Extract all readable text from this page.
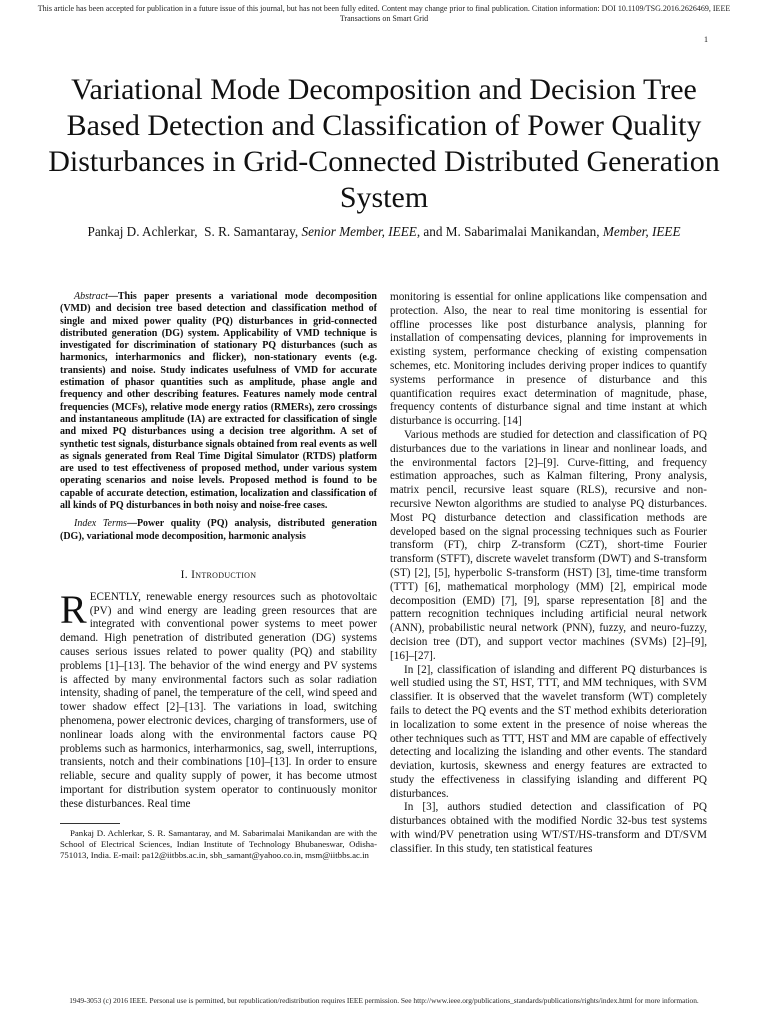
This article has been accepted for publication in a future issue of this journal, but has not been fully edited. Content may change prior to final publication. Citation information: DOI 10.1109/TSG.2016.2626469, IEEE
Transactions on Smart Grid
1
Variational Mode Decomposition and Decision Tree Based Detection and Classification of Power Quality Disturbances in Grid-Connected Distributed Generation System
Pankaj D. Achlerkar, S. R. Samantaray, Senior Member, IEEE, and M. Sabarimalai Manikandan, Member, IEEE

Abstract—This paper presents a variational mode decomposition (VMD) and decision tree based detection and classification method of single and mixed power quality (PQ) disturbances in grid-connected distributed generation (DG) system. Applicability of VMD technique is investigated for discrimination of stationary PQ disturbances (such as harmonics, interharmonics and flicker), non-stationary events (e.g. transients) and noise. Study indicates usefulness of VMD for accurate estimation of phasor quantities such as amplitude, phase angle and frequency and other describing features. Features namely mode central frequencies (MCFs), relative mode energy ratios (RMERs), zero crossings and instantaneous amplitude (IA) are extracted for classification of single and mixed PQ disturbances using a decision tree algorithm. A set of synthetic test signals, disturbance signals obtained from real events as well as signals generated from Real Time Digital Simulator (RTDS) platform are used to test effectiveness of proposed method, under various system operating scenarios and noise levels. Proposed method is found to be capable of accurate detection, estimation, localization and classification of all kinds of PQ disturbances in both noisy and noise-free cases.

Index Terms—Power quality (PQ) analysis, distributed generation (DG), variational mode decomposition, harmonic analysis

I. Introduction

RECENTLY, renewable energy resources such as photovoltaic (PV) and wind energy are leading green resources that are integrated with conventional power systems to meet power demand. High penetration of distributed generation (DG) systems causes serious issues related to power quality (PQ) and stability problems [1]–[13]. The behavior of the wind energy and PV systems is affected by many environmental factors such as solar radiation intensity, shading of panel, the temperature of the cell, wind speed and tower shadow effect [2]–[13]. The variations in load, switching phenomena, power electronic devices, charging of transformers, use of nonlinear loads along with the environmental factors cause PQ problems such as harmonics, interharmonics, sag, swell, interruptions, transients, notch and their combinations [10]–[13]. In order to ensure reliable, secure and quality supply of power, it has become utmost important for distribution system operator to continuously monitor these disturbances. Real time

Pankaj D. Achlerkar, S. R. Samantaray, and M. Sabarimalai Manikandan are with the School of Electrical Sciences, Indian Institute of Technology Bhubaneswar, Odisha-751013, India. E-mail: pa12@iitbbs.ac.in, sbh_samant@yahoo.co.in, msm@iitbbs.ac.in

monitoring is essential for online applications like compensation and protection. Also, the near to real time monitoring is essential for offline processes like post disturbance analysis, planning for installation of compensating devices, planning for improvements in existing system, performance checking of existing compensation schemes, etc. Monitoring includes deriving proper indices to quantify systems performance in presence of disturbance and this quantification requires exact determination of magnitude, phase, frequency contents of disturbance signal and time instant at which disturbance is occurring. [14]

Various methods are studied for detection and classification of PQ disturbances due to the variations in linear and nonlinear loads, and the environmental factors [2]–[9]. Curve-fitting, and frequency estimation approaches, such as Kalman filtering, Prony analysis, matrix pencil, recursive least square (RLS), recursive and non-recursive Newton algorithms are studied to analyse PQ disturbances. Most PQ disturbance detection and classification methods are developed based on the signal processing techniques such as Fourier transform (FT), chirp Z-transform (CZT), short-time Fourier transform (STFT), discrete wavelet transform (DWT) and S-transform (ST) [2], [5], hyperbolic S-transform (HST) [3], time-time transform (TTT) [6], mathematical morphology (MM) [2], empirical mode decomposition (EMD) [7], [9], sparse representation [8] and the pattern recognition techniques including artificial neural network (ANN), probabilistic neural network (PNN), fuzzy, and neuro-fuzzy, decision tree (DT), and support vector machines (SVMs) [2]–[9], [16]–[27].

In [2], classification of islanding and different PQ disturbances is well studied using the ST, HST, TTT, and MM techniques, with SVM classifier. It is observed that the wavelet transform (WT) completely fails to detect the PQ events and the ST method exhibits deterioration in localization to some extent in the presence of noise whereas the other techniques such as TTT, HST and MM are capable of effectively detecting and localizing the islanding and other events. The standard deviation, kurtosis, skewness and energy features are extracted to study the effectiveness in classifying islanding and different PQ disturbances.

In [3], authors studied detection and classification of PQ disturbances obtained with the modified Nordic 32-bus test systems with wind/PV penetration using WT/ST/HS-transform and DT/SVM classifier. In this study, ten statistical features

1949-3053 (c) 2016 IEEE. Personal use is permitted, but republication/redistribution requires IEEE permission. See http://www.ieee.org/publications_standards/publications/rights/index.html for more information.
